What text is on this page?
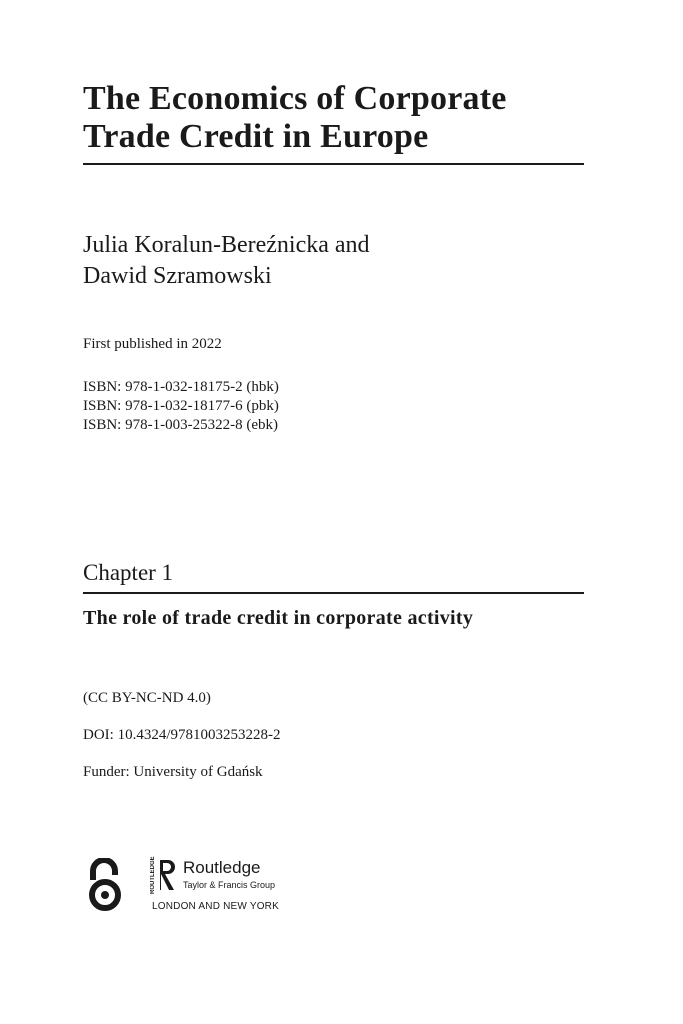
The Economics of Corporate
Trade Credit in Europe
Julia Koralun-Bereźnicka and
Dawid Szramowski
First published in 2022
ISBN: 978-1-032-18175-2 (hbk)
ISBN: 978-1-032-18177-6 (pbk)
ISBN: 978-1-003-25322-8 (ebk)
Chapter 1
The role of trade credit in corporate activity
(CC BY-NC-ND 4.0)
DOI: 10.4324/9781003253228-2
Funder: University of Gdańsk
ROUTLEDGE Routledge
Taylor & Francis Group
LONDON AND NEW YORK
